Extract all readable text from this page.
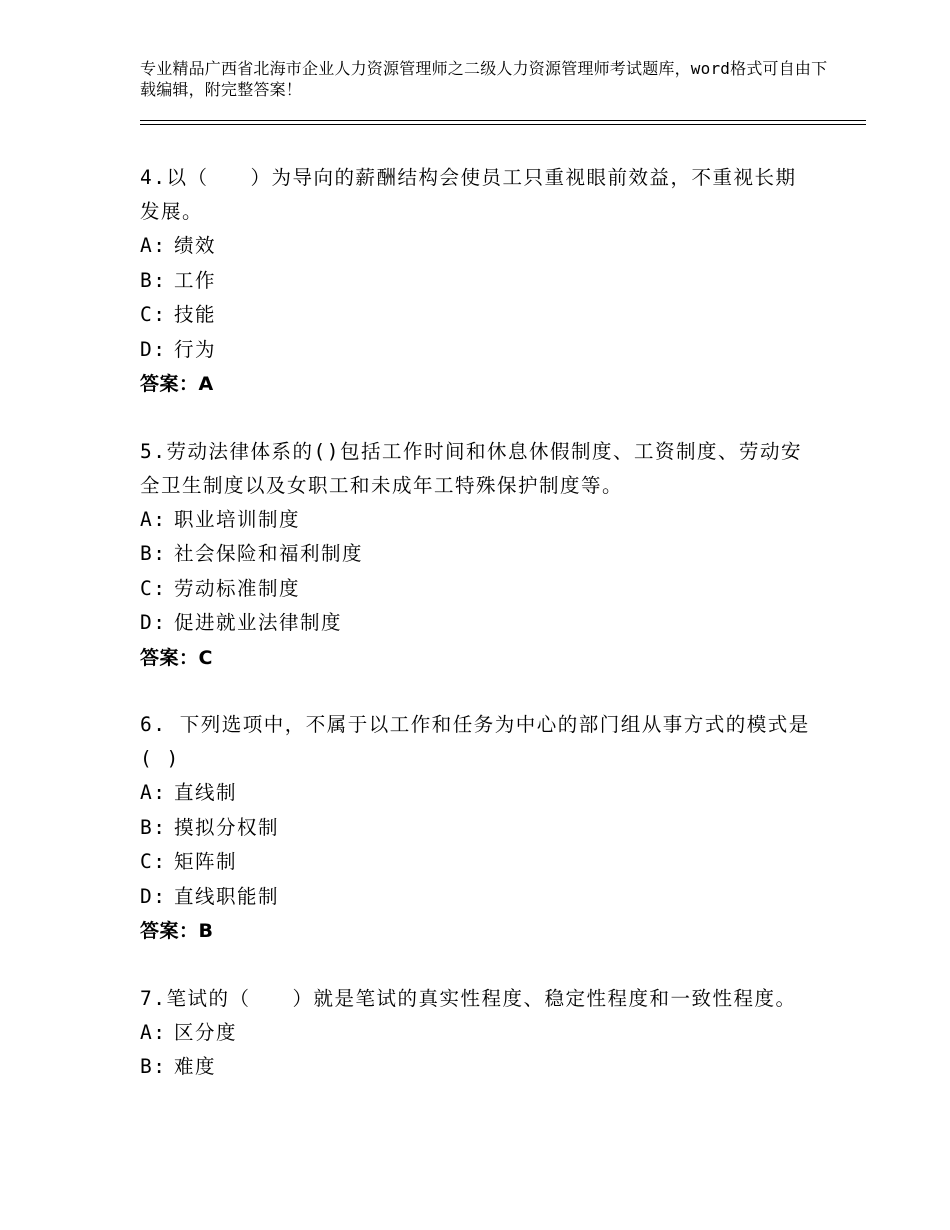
专业精品广西省北海市企业人力资源管理师之二级人力资源管理师考试题库，word格式可自由下载编辑，附完整答案！

4.以（　　）为导向的薪酬结构会使员工只重视眼前效益，不重视长期发展。

A: 绩效

B: 工作

C: 技能

D: 行为

答案：A

5.劳动法律体系的()包括工作时间和休息休假制度、工资制度、劳动安全卫生制度以及女职工和未成年工特殊保护制度等。

A: 职业培训制度

B: 社会保险和福利制度

C: 劳动标准制度

D: 促进就业法律制度

答案：C

6. 下列选项中，不属于以工作和任务为中心的部门组从事方式的模式是( )

A: 直线制

B: 摸拟分权制

C: 矩阵制

D: 直线职能制

答案：B

7.笔试的（　　）就是笔试的真实性程度、稳定性程度和一致性程度。

A: 区分度

B: 难度
